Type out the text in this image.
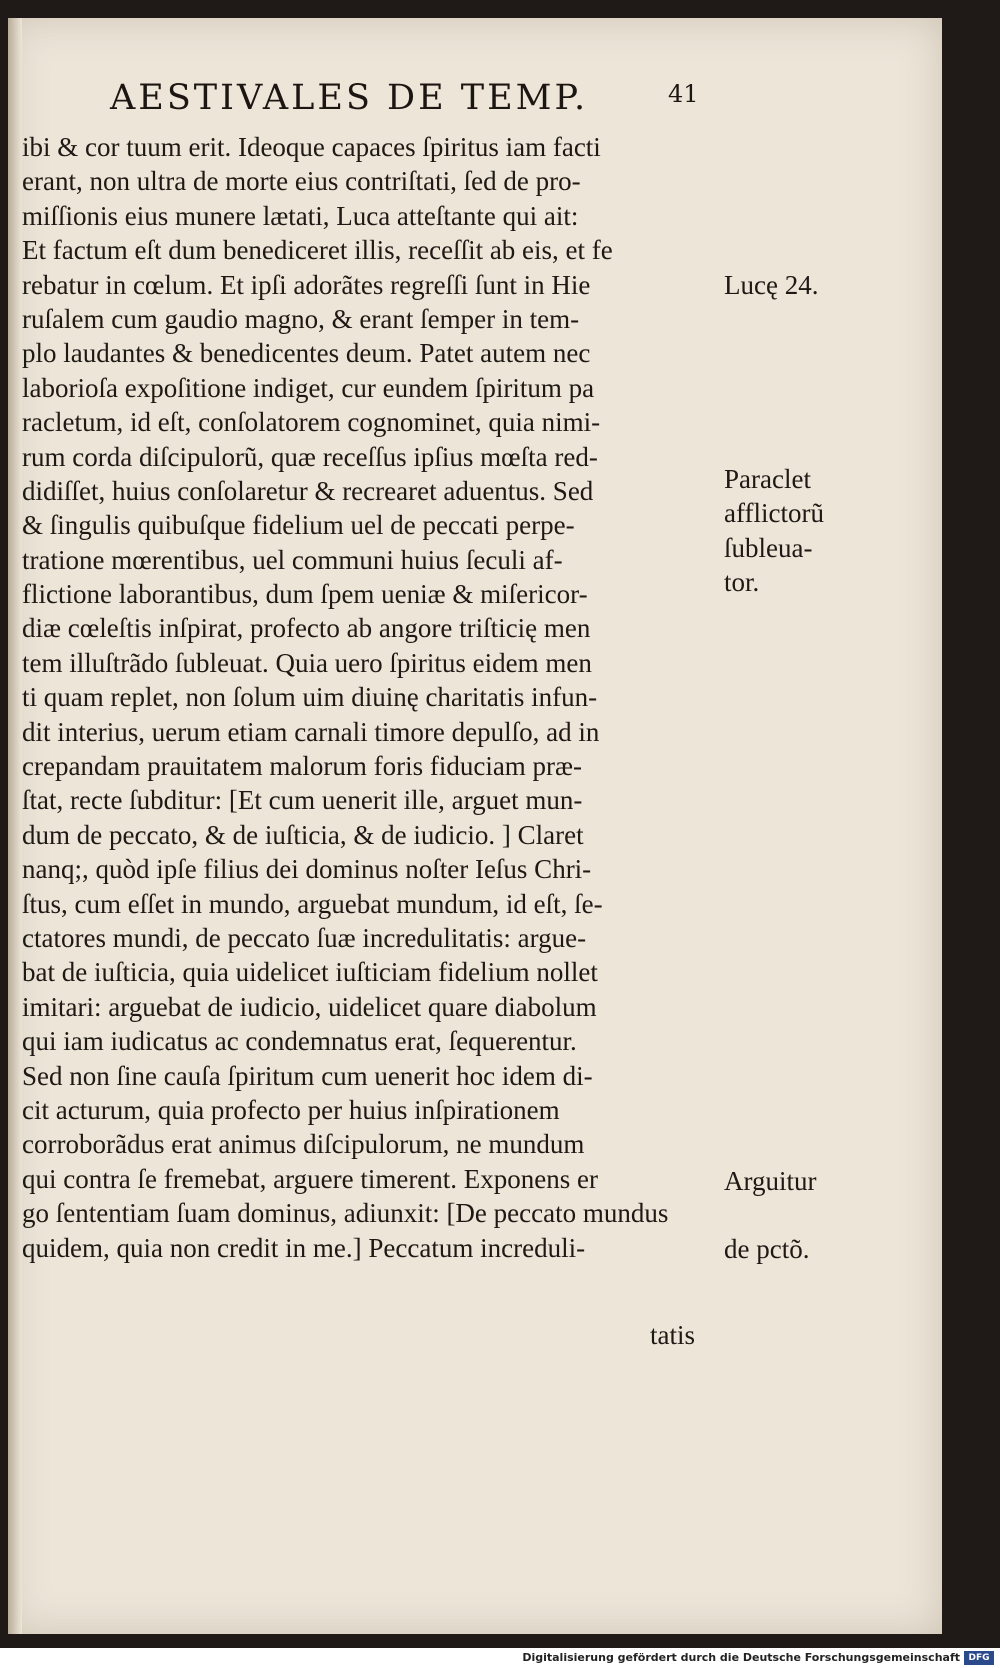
AESTIVALES DE TEMP.	41
ibi & cor tuum erit. Ideoque capaces ſpiritus iam facti
erant, non ultra de morte eius contriſtati, ſed de pro-
miſſionis eius munere lætati, Luca atteſtante qui ait:
Et factum eſt dum benediceret illis, receſſit ab eis, et fe
rebatur in cœlum. Et ipſi adorãtes regreſſi ſunt in Hie
ruſalem cum gaudio magno, & erant ſemper in tem-
plo laudantes & benedicentes deum. Patet autem nec
laborioſa expoſitione indiget, cur eundem ſpiritum pa
racletum, id eſt, conſolatorem cognominet, quia nimi-
rum corda diſcipulorũ, quæ receſſus ipſius mœſta red-
didiſſet, huius conſolaretur & recrearet aduentus. Sed
& ſingulis quibuſque fidelium uel de peccati perpe-
tratione mœrentibus, uel communi huius ſeculi af-
flictione laborantibus, dum ſpem ueniæ & miſericor-
diæ cœleſtis inſpirat, profecto ab angore triſticię men
tem illuſtrãdo ſubleuat. Quia uero ſpiritus eidem men
ti quam replet, non ſolum uim diuinę charitatis infun-
dit interius, uerum etiam carnali timore depulſo, ad in
crepandam prauitatem malorum foris fiduciam præ-
ſtat, recte ſubditur: [Et cum uenerit ille, arguet mun-
dum de peccato, & de iuſticia, & de iudicio. ] Claret
nanq;, quòd ipſe filius dei dominus noſter Ieſus Chri-
ſtus, cum eſſet in mundo, arguebat mundum, id eſt, ſe-
ctatores mundi, de peccato ſuæ incredulitatis: argue-
bat de iuſticia, quia uidelicet iuſticiam fidelium nollet
imitari: arguebat de iudicio, uidelicet quare diabolum
qui iam iudicatus ac condemnatus erat, ſequerentur.
Sed non ſine cauſa ſpiritum cum uenerit hoc idem di-
cit acturum, quia profecto per huius inſpirationem
corroborãdus erat animus diſcipulorum, ne mundum
qui contra ſe fremebat, arguere timerent. Exponens er
go ſententiam ſuam dominus, adiunxit: [De peccato mundus
quidem, quia non credit in me.] Peccatum increduli-
tatis
Lucę 24.
Paraclet
afflictorũ
ſubleua-
tor.
Arguitur
de pctõ.
Digitalisierung gefördert durch die Deutsche Forschungsgemeinschaft DFG
